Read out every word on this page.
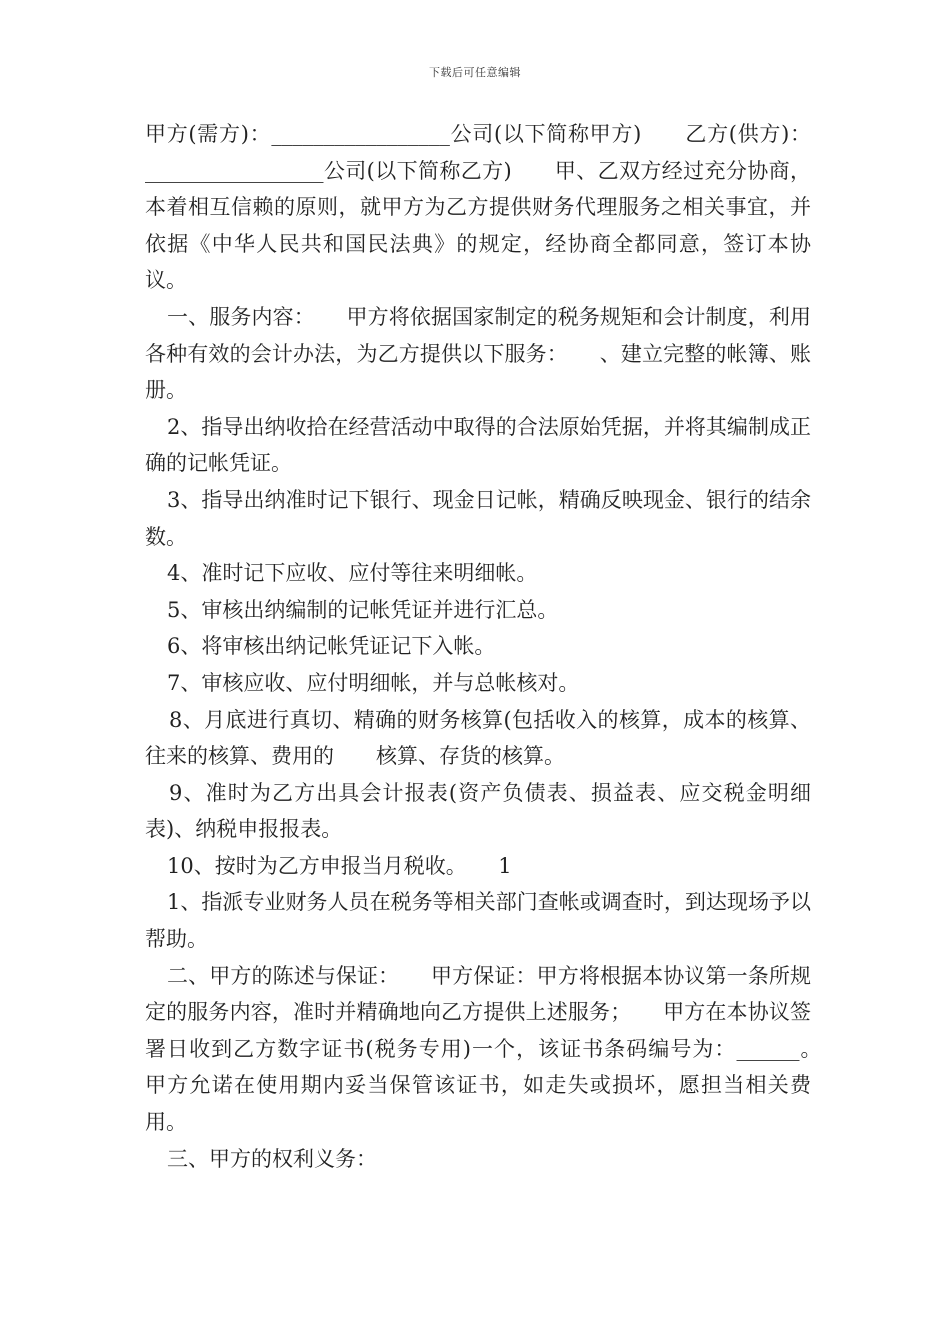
下载后可任意编辑

甲方(需方)：_________________公司(以下简称甲方)　　乙方(供方)：_________________公司(以下简称乙方)　　甲、乙双方经过充分协商，本着相互信赖的原则，就甲方为乙方提供财务代理服务之相关事宜，并依据《中华人民共和国民法典》的规定，经协商全都同意，签订本协议。

一、服务内容：　　甲方将依据国家制定的税务规矩和会计制度，利用各种有效的会计办法，为乙方提供以下服务：　　、建立完整的帐簿、账册。

2、指导出纳收拾在经营活动中取得的合法原始凭据，并将其编制成正确的记帐凭证。

3、指导出纳准时记下银行、现金日记帐，精确反映现金、银行的结余数。

4、准时记下应收、应付等往来明细帐。

5、审核出纳编制的记帐凭证并进行汇总。

6、将审核出纳记帐凭证记下入帐。

7、审核应收、应付明细帐，并与总帐核对。

8、月底进行真切、精确的财务核算(包括收入的核算，成本的核算、往来的核算、费用的　　核算、存货的核算。

9、准时为乙方出具会计报表(资产负债表、损益表、应交税金明细表)、纳税申报报表。

10、按时为乙方申报当月税收。　　1

1、指派专业财务人员在税务等相关部门查帐或调查时，到达现场予以帮助。

二、甲方的陈述与保证：　　甲方保证：甲方将根据本协议第一条所规定的服务内容，准时并精确地向乙方提供上述服务；　　甲方在本协议签署日收到乙方数字证书(税务专用)一个，该证书条码编号为：______。　　甲方允诺在使用期内妥当保管该证书，如走失或损坏，愿担当相关费用。

三、甲方的权利义务：
